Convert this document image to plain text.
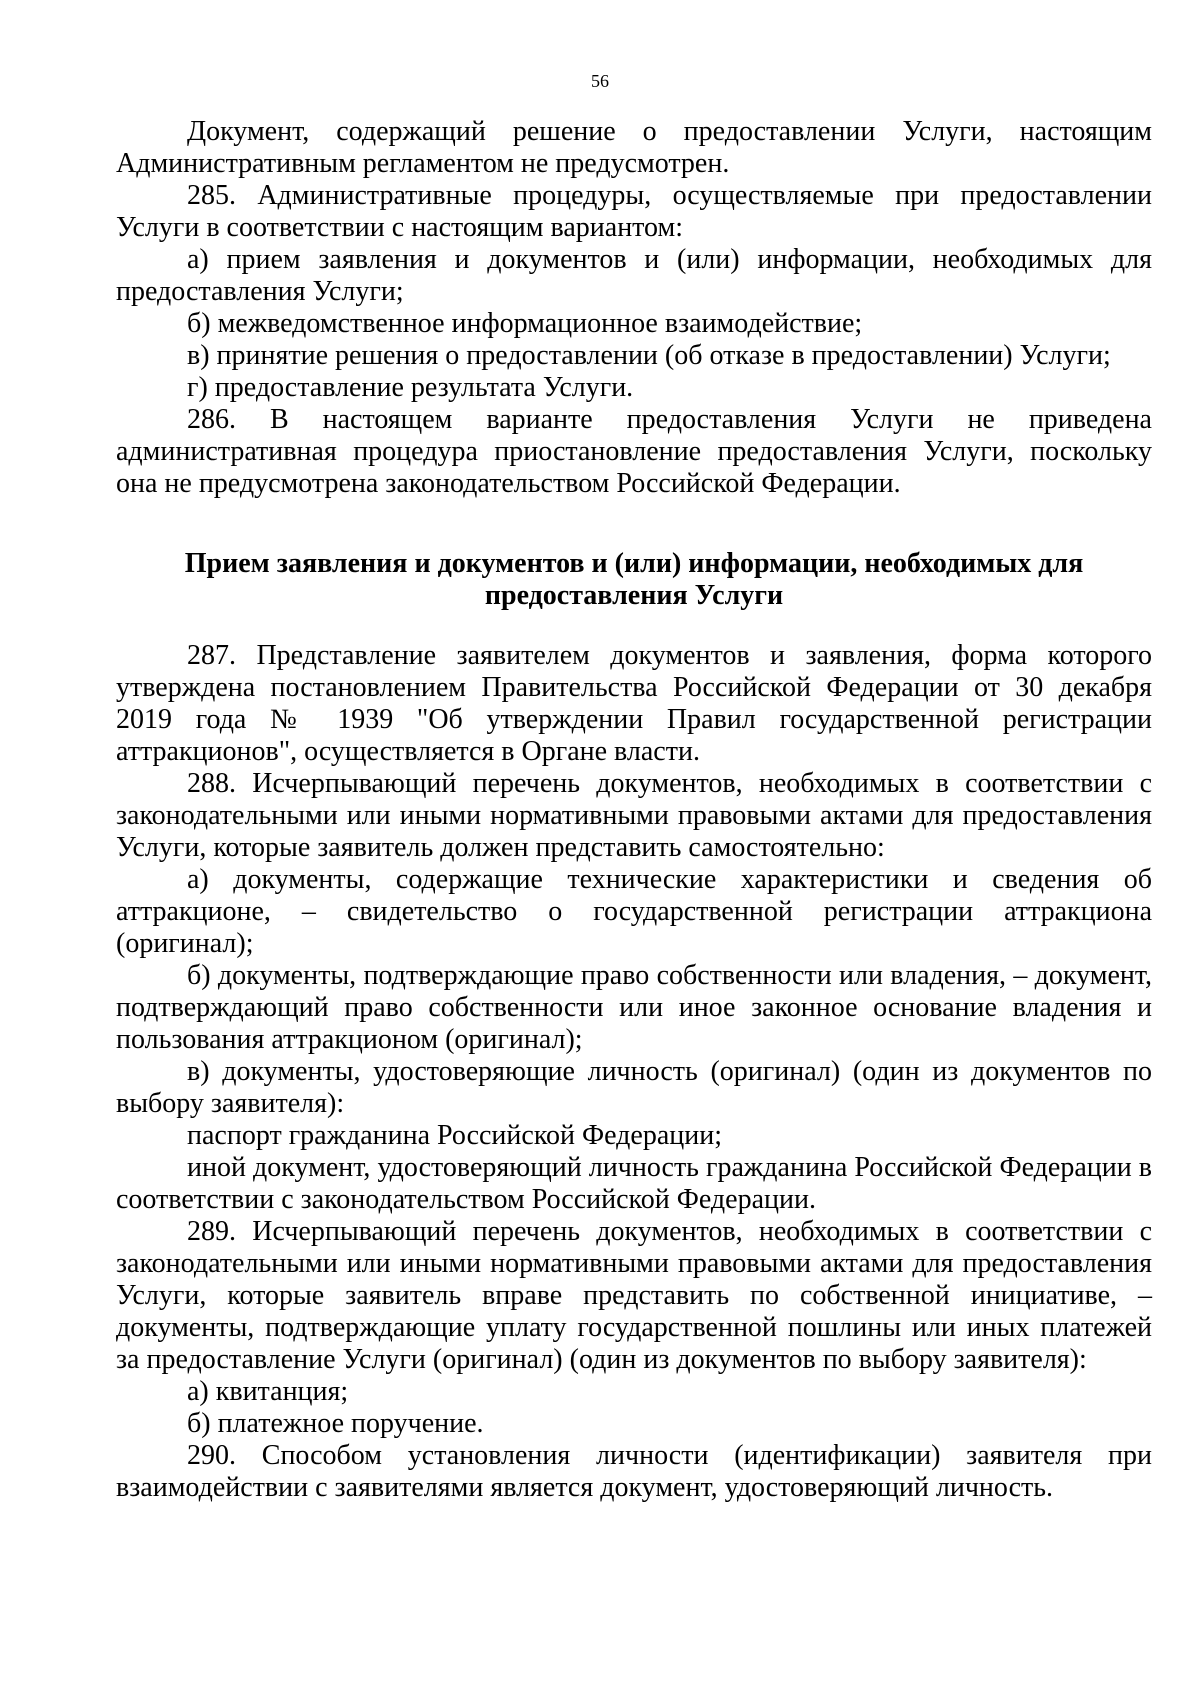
56

Документ, содержащий решение о предоставлении Услуги, настоящим Административным регламентом не предусмотрен.

285. Административные процедуры, осуществляемые при предоставлении Услуги в соответствии с настоящим вариантом:

а) прием заявления и документов и (или) информации, необходимых для предоставления Услуги;

б) межведомственное информационное взаимодействие;

в) принятие решения о предоставлении (об отказе в предоставлении) Услуги;

г) предоставление результата Услуги.

286. В настоящем варианте предоставления Услуги не приведена административная процедура приостановление предоставления Услуги, поскольку она не предусмотрена законодательством Российской Федерации.

Прием заявления и документов и (или) информации, необходимых для предоставления Услуги

287. Представление заявителем документов и заявления, форма которого утверждена постановлением Правительства Российской Федерации от 30 декабря 2019 года № 1939 "Об утверждении Правил государственной регистрации аттракционов", осуществляется в Органе власти.

288. Исчерпывающий перечень документов, необходимых в соответствии с законодательными или иными нормативными правовыми актами для предоставления Услуги, которые заявитель должен представить самостоятельно:

а) документы, содержащие технические характеристики и сведения об аттракционе, – свидетельство о государственной регистрации аттракциона (оригинал);

б) документы, подтверждающие право собственности или владения, – документ, подтверждающий право собственности или иное законное основание владения и пользования аттракционом (оригинал);

в) документы, удостоверяющие личность (оригинал) (один из документов по выбору заявителя):

паспорт гражданина Российской Федерации;

иной документ, удостоверяющий личность гражданина Российской Федерации в соответствии с законодательством Российской Федерации.

289. Исчерпывающий перечень документов, необходимых в соответствии с законодательными или иными нормативными правовыми актами для предоставления Услуги, которые заявитель вправе представить по собственной инициативе, – документы, подтверждающие уплату государственной пошлины или иных платежей за предоставление Услуги (оригинал) (один из документов по выбору заявителя):

а) квитанция;

б) платежное поручение.

290. Способом установления личности (идентификации) заявителя при взаимодействии с заявителями является документ, удостоверяющий личность.
